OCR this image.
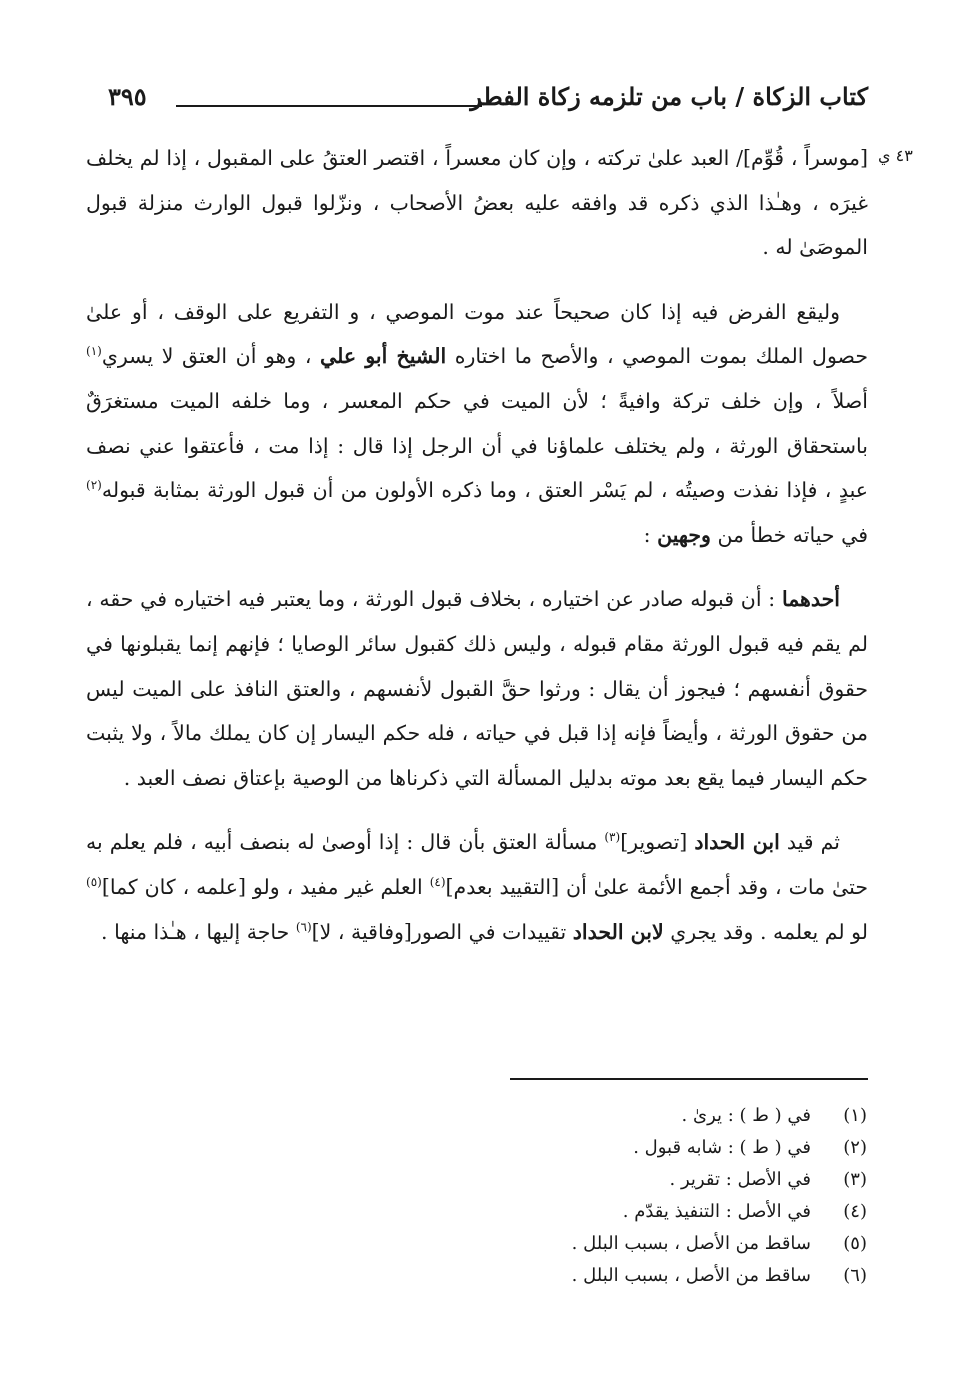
كتاب الزكاة / باب من تلزمه زكاة الفطر
٣٩٥
٤٣ ي

[موسراً ، قُوِّم]/ العبد علىٰ تركته ، وإن كان معسراً ، اقتصر العتقُ على المقبول ، إذا لم يخلف غيرَه ، وهـٰذا الذي ذكره قد وافقه عليه بعضُ الأصحاب ، ونزّلوا قبول الوارث منزلة قبول الموصَىٰ له .

وليقع الفرض فيه إذا كان صحيحاً عند موت الموصي ، و التفريع على الوقف ، أو علىٰ حصول الملك بموت الموصي ، والأصح ما اختاره الشيخ أبو علي ، وهو أن العتق لا يسري$^{(١)}$ أصلاً ، وإن خلف تركة وافيةً ؛ لأن الميت في حكم المعسر ، وما خلفه الميت مستغرَقٌ باستحقاق الورثة ، ولم يختلف علماؤنا في أن الرجل إذا قال : إذا مت ، فأعتقوا عني نصف عبدٍ ، فإذا نفذت وصيتُه ، لم يَسْر العتق ، وما ذكره الأولون من أن قبول الورثة بمثابة قبوله$^{(٢)}$ في حياته خطأ من وجهين :

أحدهما : أن قبوله صادر عن اختياره ، بخلاف قبول الورثة ، وما يعتبر فيه اختياره في حقه ، لم يقم فيه قبول الورثة مقام قبوله ، وليس ذلك كقبول سائر الوصايا ؛ فإنهم إنما يقبلونها في حقوق أنفسهم ؛ فيجوز أن يقال : ورثوا حقَّ القبول لأنفسهم ، والعتق النافذ على الميت ليس من حقوق الورثة ، وأيضاً فإنه إذا قبل في حياته ، فله حكم اليسار إن كان يملك مالاً ، ولا يثبت حكم اليسار فيما يقع بعد موته بدليل المسألة التي ذكرناها من الوصية بإعتاق نصف العبد .

ثم قيد ابن الحداد [تصوير]$^{(٣)}$ مسألة العتق بأن قال : إذا أوصىٰ له بنصف أبيه ، فلم يعلم به حتىٰ مات ، وقد أجمع الأئمة علىٰ أن [التقييد بعدم]$^{(٤)}$ العلم غير مفيد ، ولو [علمه ، كان كما]$^{(٥)}$ لو لم يعلمه . وقد يجري لابن الحداد تقييدات في الصور[وفاقية ، لا]$^{(٦)}$ حاجة إليها ، هـٰذا منها .

(١)
في ( ط ) : يرىٰ .
(٢)
في ( ط ) : شابه قبول .
(٣)
في الأصل : تقرير .
(٤)
في الأصل : التنفيذ يقدّم .
(٥)
ساقط من الأصل ، بسبب البلل .
(٦)
ساقط من الأصل ، بسبب البلل .
